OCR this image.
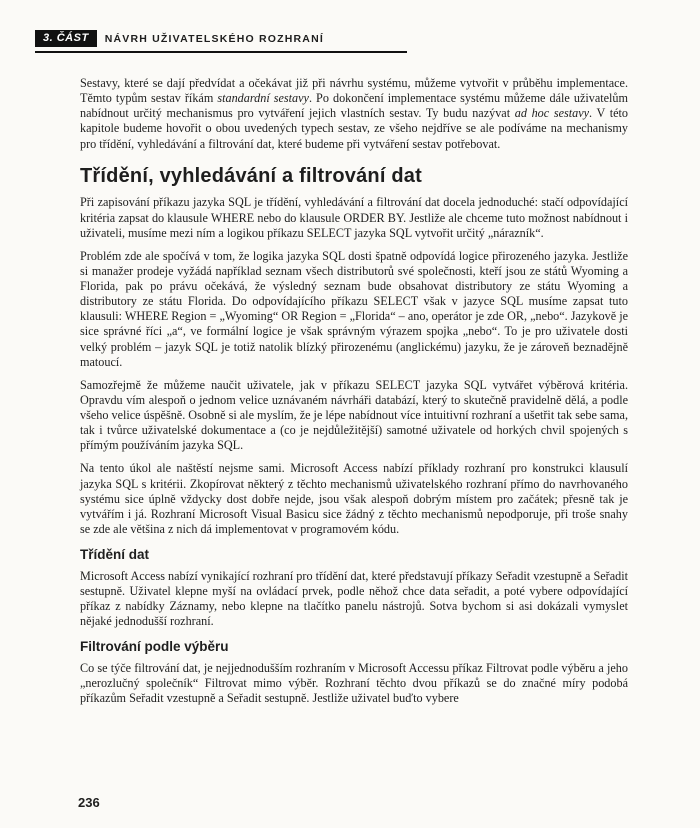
3. ČÁST	NÁVRH UŽIVATELSKÉHO ROZHRANÍ

Sestavy, které se dají předvídat a očekávat již při návrhu systému, můžeme vytvořit v průběhu implementace. Těmto typům sestav říkám standardní sestavy. Po dokončení implementace systému můžeme dále uživatelům nabídnout určitý mechanismus pro vytváření jejich vlastních sestav. Ty budu nazývat ad hoc sestavy. V této kapitole budeme hovořit o obou uvedených typech sestav, ze všeho nejdříve se ale podíváme na mechanismy pro třídění, vyhledávání a filtrování dat, které budeme při vytváření sestav potřebovat.

Třídění, vyhledávání a filtrování dat

Při zapisování příkazu jazyka SQL je třídění, vyhledávání a filtrování dat docela jednoduché: stačí odpovídající kritéria zapsat do klausule WHERE nebo do klausule ORDER BY. Jestliže ale chceme tuto možnost nabídnout i uživateli, musíme mezi ním a logikou příkazu SELECT jazyka SQL vytvořit určitý „nárazník“.

Problém zde ale spočívá v tom, že logika jazyka SQL dosti špatně odpovídá logice přirozeného jazyka. Jestliže si manažer prodeje vyžádá například seznam všech distributorů své společnosti, kteří jsou ze států Wyoming a Florida, pak po právu očekává, že výsledný seznam bude obsahovat distributory ze státu Wyoming a distributory ze státu Florida. Do odpovídajícího příkazu SELECT však v jazyce SQL musíme zapsat tuto klausuli: WHERE Region = „Wyoming“ OR Region = „Florida“ – ano, operátor je zde OR, „nebo“. Jazykově je sice správné říci „a“, ve formální logice je však správným výrazem spojka „nebo“. To je pro uživatele dosti velký problém – jazyk SQL je totiž natolik blízký přirozenému (anglickému) jazyku, že je zároveň beznadějně matoucí.

Samozřejmě že můžeme naučit uživatele, jak v příkazu SELECT jazyka SQL vytvářet výběrová kritéria. Opravdu vím alespoň o jednom velice uznávaném návrháři databází, který to skutečně pravidelně dělá, a podle všeho velice úspěšně. Osobně si ale myslím, že je lépe nabídnout více intuitivní rozhraní a ušetřit tak sebe sama, tak i tvůrce uživatelské dokumentace a (co je nejdůležitější) samotné uživatele od horkých chvil spojených s přímým používáním jazyka SQL.

Na tento úkol ale naštěstí nejsme sami. Microsoft Access nabízí příklady rozhraní pro konstrukci klausulí jazyka SQL s kritérii. Zkopírovat některý z těchto mechanismů uživatelského rozhraní přímo do navrhovaného systému sice úplně vždycky dost dobře nejde, jsou však alespoň dobrým místem pro začátek; přesně tak je vytvářím i já. Rozhraní Microsoft Visual Basicu sice žádný z těchto mechanismů nepodporuje, při troše snahy se zde ale většina z nich dá implementovat v programovém kódu.

Třídění dat

Microsoft Access nabízí vynikající rozhraní pro třídění dat, které představují příkazy Seřadit vzestupně a Seřadit sestupně. Uživatel klepne myší na ovládací prvek, podle něhož chce data seřadit, a poté vybere odpovídající příkaz z nabídky Záznamy, nebo klepne na tlačítko panelu nástrojů. Sotva bychom si asi dokázali vymyslet nějaké jednodušší rozhraní.

Filtrování podle výběru

Co se týče filtrování dat, je nejjednodušším rozhraním v Microsoft Accessu příkaz Filtrovat podle výběru a jeho „nerozlučný společník“ Filtrovat mimo výběr. Rozhraní těchto dvou příkazů se do značné míry podobá příkazům Seřadit vzestupně a Seřadit sestupně. Jestliže uživatel buďto vybere

236
